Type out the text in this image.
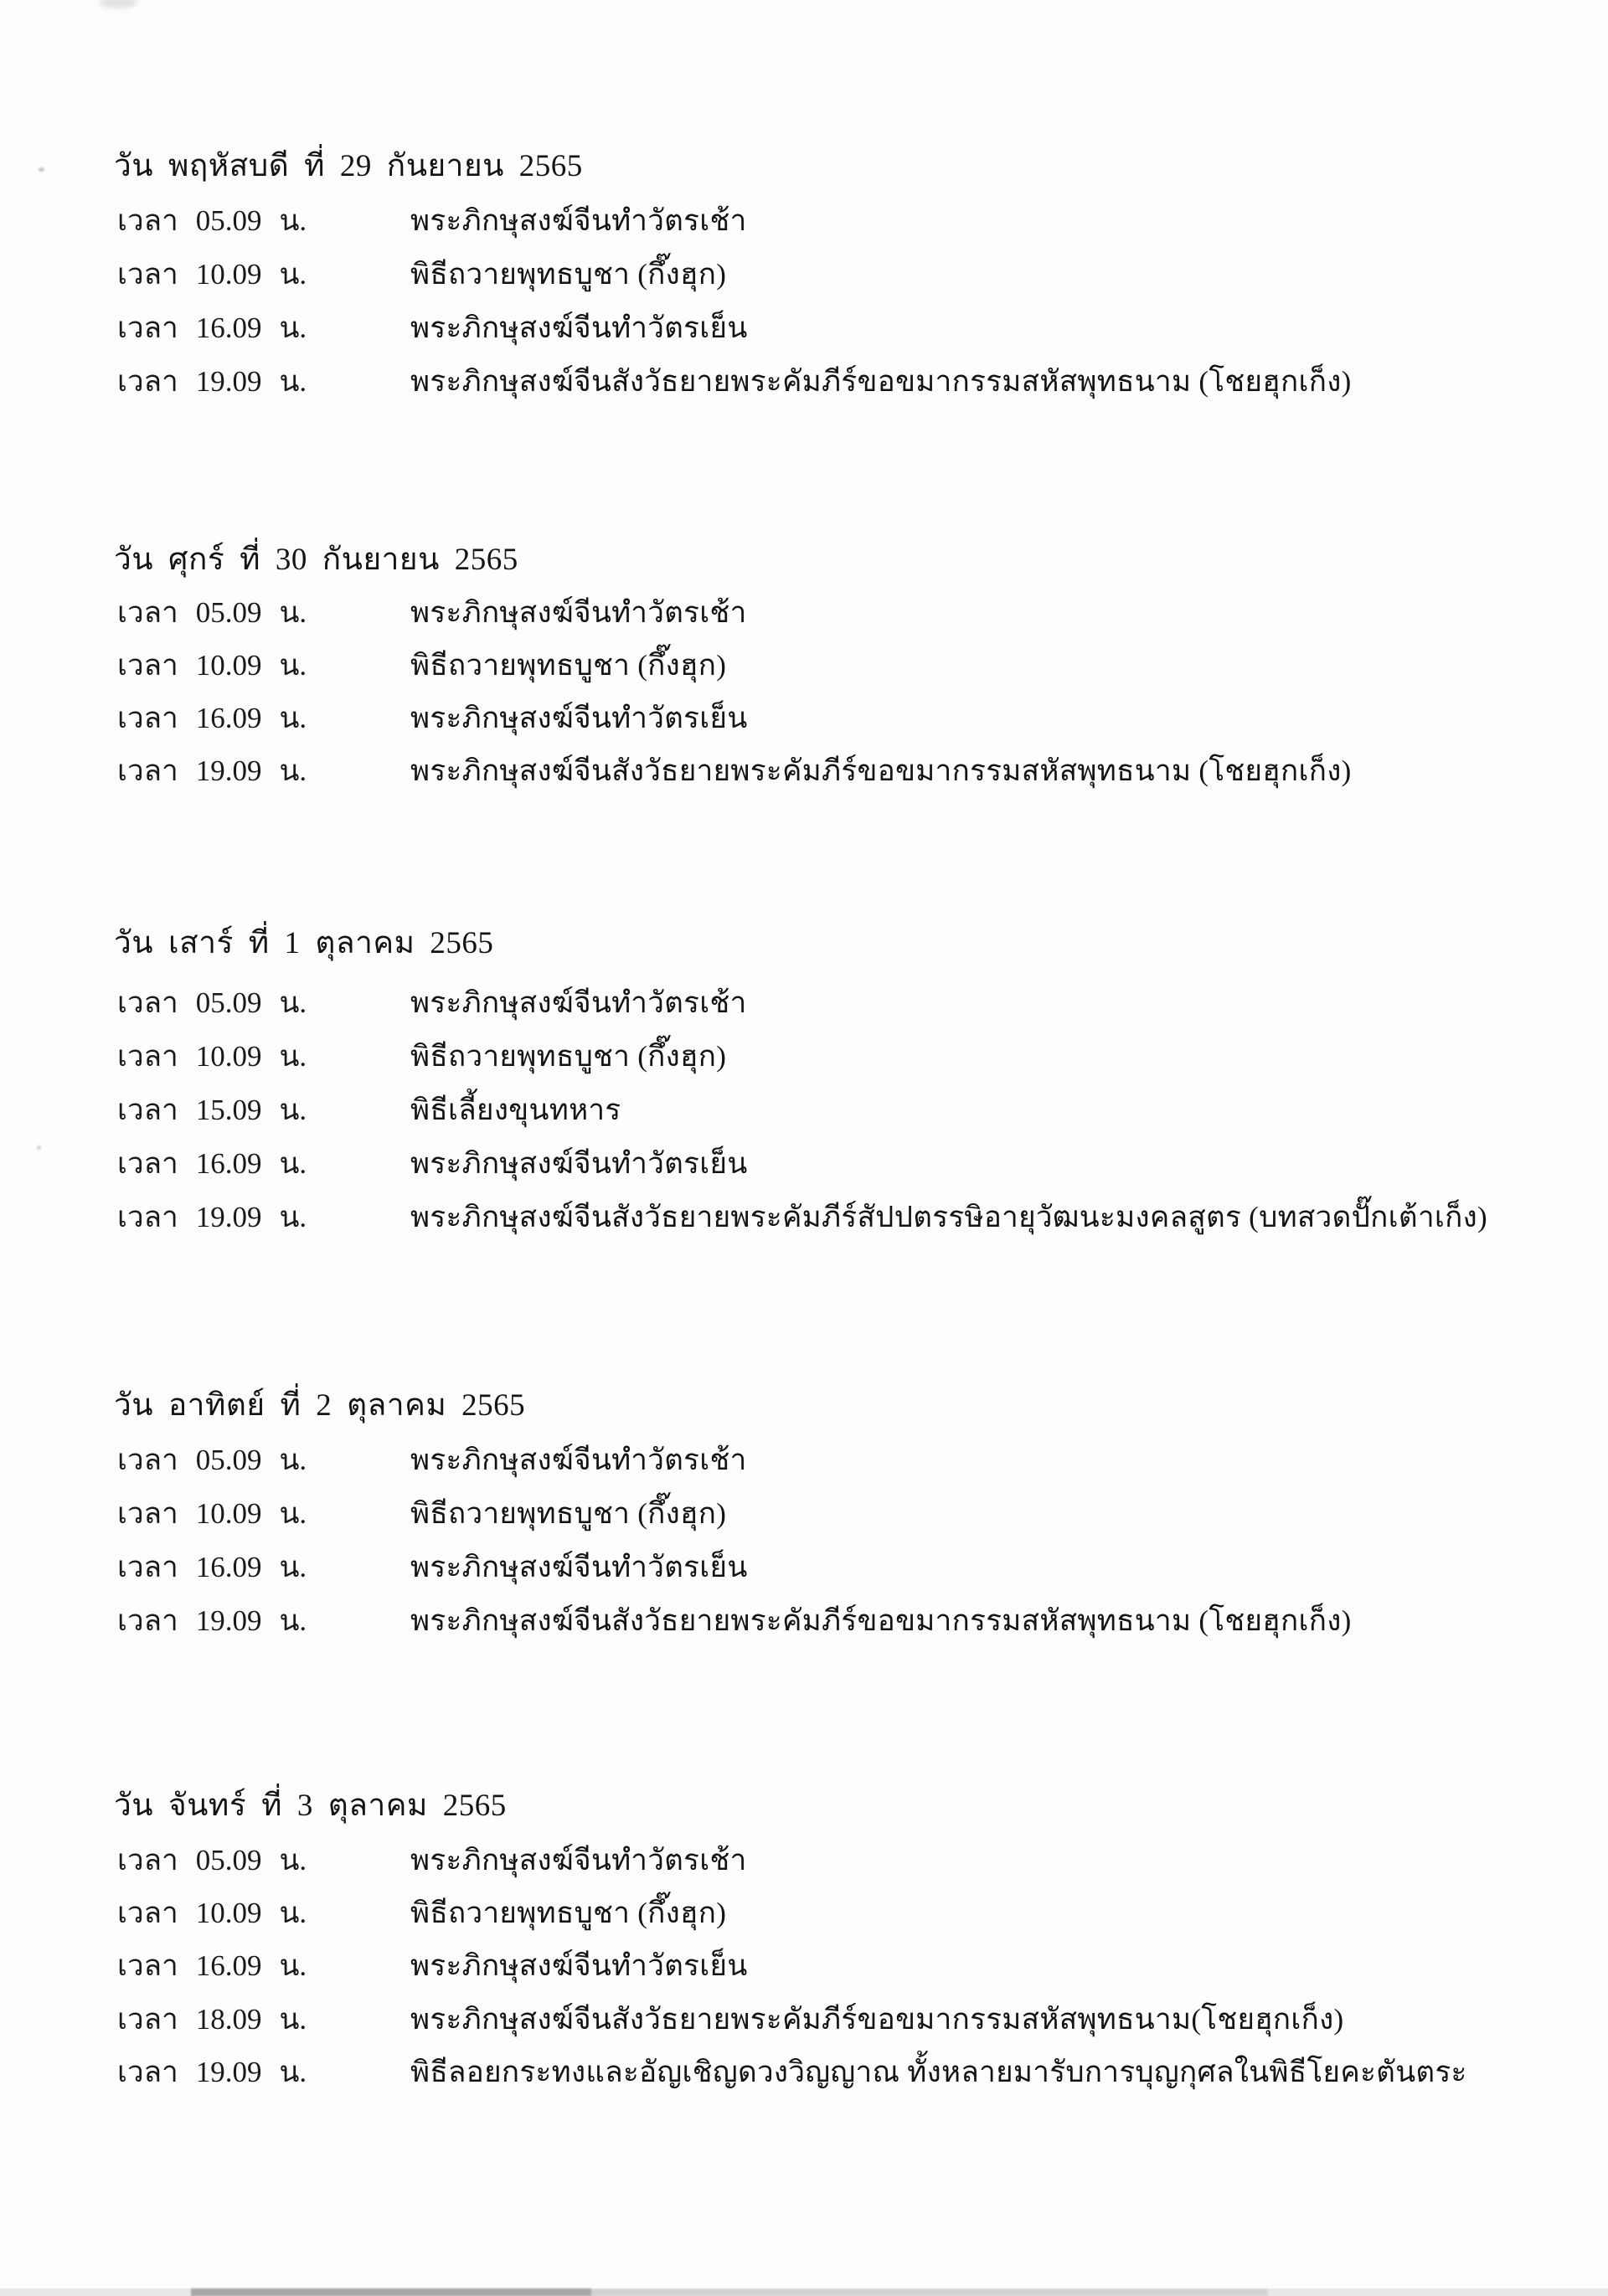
วัน พฤหัสบดี ที่ 29 กันยายน 2565
เวลา 05.09 น.	พระภิกษุสงฆ์จีนทำวัตรเช้า
เวลา 10.09 น.	พิธีถวายพุทธบูชา (กึ๊งฮุก)
เวลา 16.09 น.	พระภิกษุสงฆ์จีนทำวัตรเย็น
เวลา 19.09 น.	พระภิกษุสงฆ์จีนสังวัธยายพระคัมภีร์ขอขมากรรมสหัสพุทธนาม (โชยฮุกเก็ง)
วัน ศุกร์ ที่ 30 กันยายน 2565
เวลา 05.09 น.	พระภิกษุสงฆ์จีนทำวัตรเช้า
เวลา 10.09 น.	พิธีถวายพุทธบูชา (กึ๊งฮุก)
เวลา 16.09 น.	พระภิกษุสงฆ์จีนทำวัตรเย็น
เวลา 19.09 น.	พระภิกษุสงฆ์จีนสังวัธยายพระคัมภีร์ขอขมากรรมสหัสพุทธนาม (โชยฮุกเก็ง)
วัน เสาร์ ที่ 1 ตุลาคม 2565
เวลา 05.09 น.	พระภิกษุสงฆ์จีนทำวัตรเช้า
เวลา 10.09 น.	พิธีถวายพุทธบูชา (กึ๊งฮุก)
เวลา 15.09 น.	พิธีเลี้ยงขุนทหาร
เวลา 16.09 น.	พระภิกษุสงฆ์จีนทำวัตรเย็น
เวลา 19.09 น.	พระภิกษุสงฆ์จีนสังวัธยายพระคัมภีร์สัปปตรรษิอายุวัฒนะมงคลสูตร (บทสวดปั๊กเต้าเก็ง)
วัน อาทิตย์ ที่ 2 ตุลาคม 2565
เวลา 05.09 น.	พระภิกษุสงฆ์จีนทำวัตรเช้า
เวลา 10.09 น.	พิธีถวายพุทธบูชา (กึ๊งฮุก)
เวลา 16.09 น.	พระภิกษุสงฆ์จีนทำวัตรเย็น
เวลา 19.09 น.	พระภิกษุสงฆ์จีนสังวัธยายพระคัมภีร์ขอขมากรรมสหัสพุทธนาม (โชยฮุกเก็ง)
วัน จันทร์ ที่ 3 ตุลาคม 2565
เวลา 05.09 น.	พระภิกษุสงฆ์จีนทำวัตรเช้า
เวลา 10.09 น.	พิธีถวายพุทธบูชา (กึ๊งฮุก)
เวลา 16.09 น.	พระภิกษุสงฆ์จีนทำวัตรเย็น
เวลา 18.09 น.	พระภิกษุสงฆ์จีนสังวัธยายพระคัมภีร์ขอขมากรรมสหัสพุทธนาม(โชยฮุกเก็ง)
เวลา 19.09 น.	พิธีลอยกระทงและอัญเชิญดวงวิญญาณ ทั้งหลายมารับการบุญกุศลในพิธีโยคะตันตระ
